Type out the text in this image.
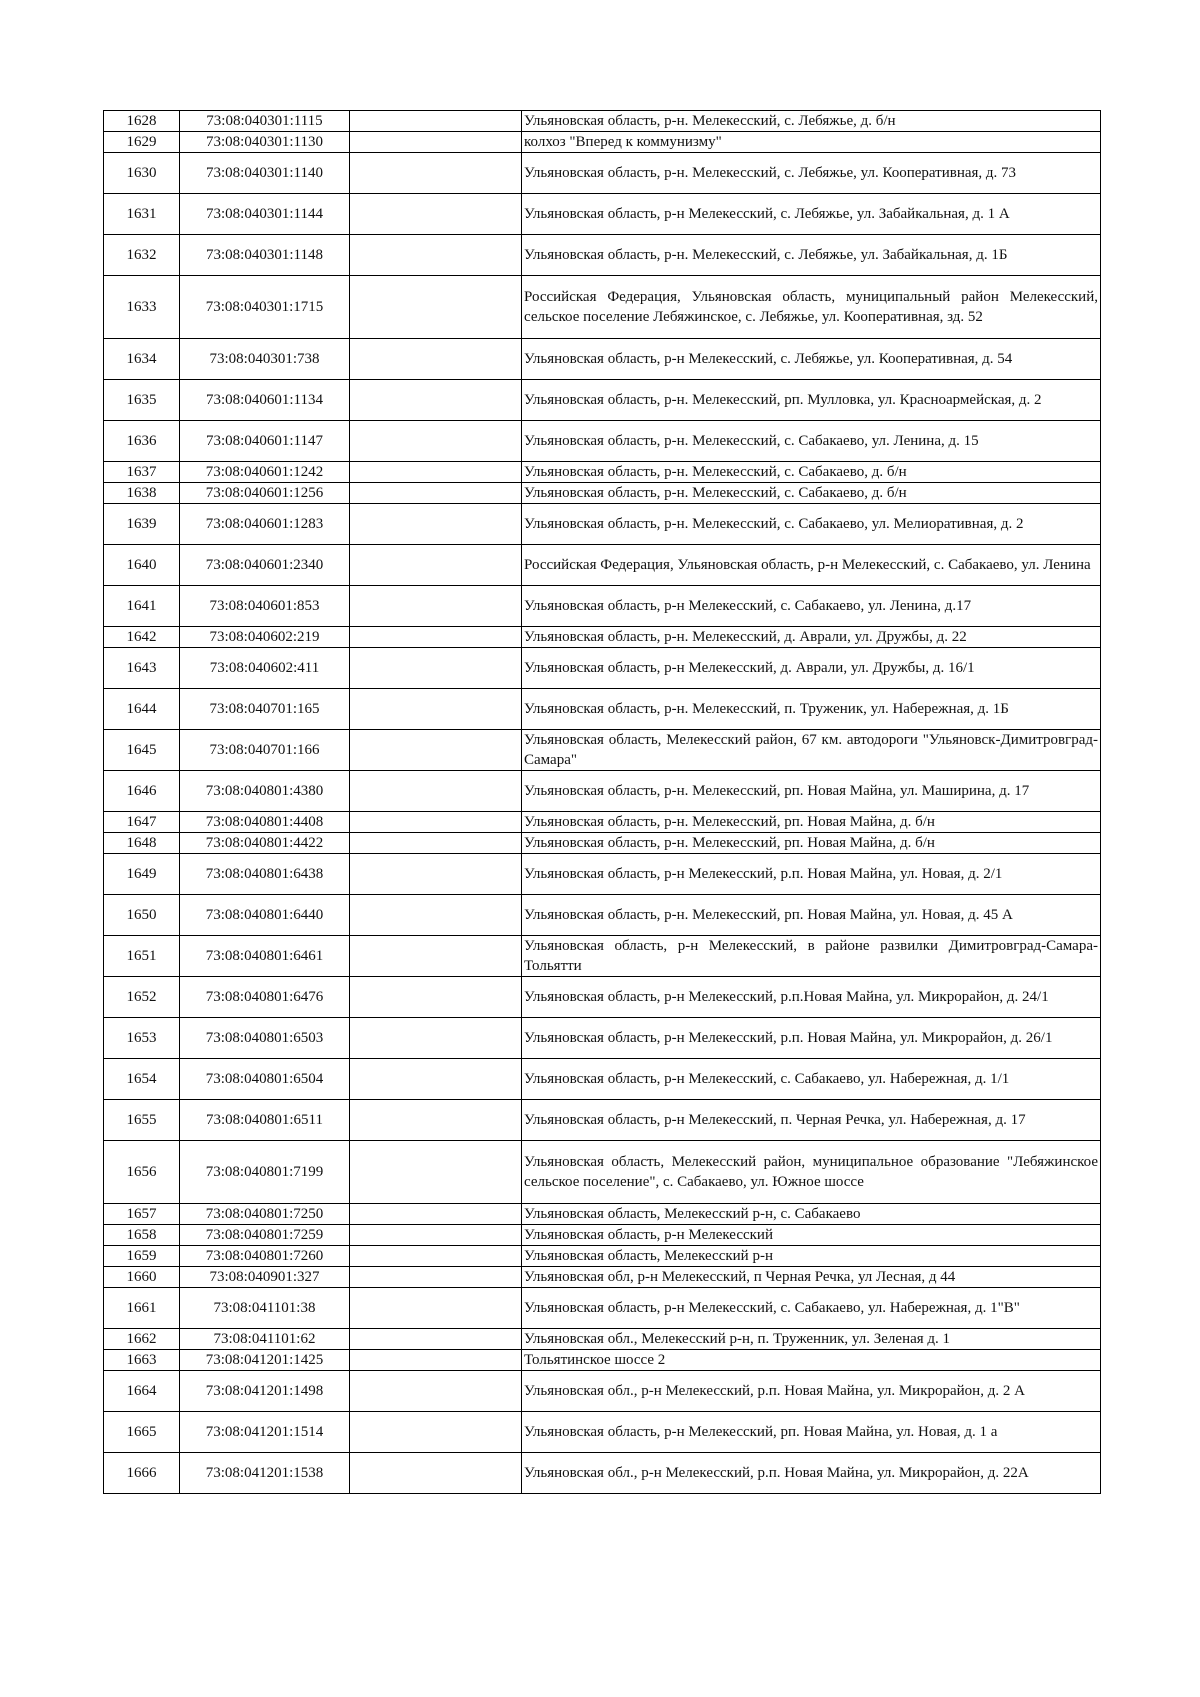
1628	73:08:040301:1115		Ульяновская область, р-н. Мелекесский, с. Лебяжье, д. б/н
1629	73:08:040301:1130		колхоз "Вперед к коммунизму"
1630	73:08:040301:1140		Ульяновская область, р-н. Мелекесский, с. Лебяжье, ул. Кооперативная, д. 73
1631	73:08:040301:1144		Ульяновская область, р-н Мелекесский, с. Лебяжье, ул. Забайкальная, д. 1 А
1632	73:08:040301:1148		Ульяновская область, р-н. Мелекесский, с. Лебяжье, ул. Забайкальная, д. 1Б
1633	73:08:040301:1715		Российская Федерация, Ульяновская область, муниципальный район Мелекесский, сельское поселение Лебяжинское, с. Лебяжье, ул. Кооперативная, зд. 52
1634	73:08:040301:738		Ульяновская область, р-н Мелекесский, с. Лебяжье, ул. Кооперативная, д. 54
1635	73:08:040601:1134		Ульяновская область, р-н. Мелекесский, рп. Мулловка, ул. Красноармейская, д. 2
1636	73:08:040601:1147		Ульяновская область, р-н. Мелекесский, с. Сабакаево, ул. Ленина, д. 15
1637	73:08:040601:1242		Ульяновская область, р-н. Мелекесский, с. Сабакаево, д. б/н
1638	73:08:040601:1256		Ульяновская область, р-н. Мелекесский, с. Сабакаево, д. б/н
1639	73:08:040601:1283		Ульяновская область, р-н. Мелекесский, с. Сабакаево, ул. Мелиоративная, д. 2
1640	73:08:040601:2340		Российская Федерация, Ульяновская область, р-н Мелекесский, с. Сабакаево, ул. Ленина
1641	73:08:040601:853		Ульяновская область, р-н Мелекесский, с. Сабакаево, ул. Ленина, д.17
1642	73:08:040602:219		Ульяновская область, р-н. Мелекесский, д. Аврали, ул. Дружбы, д. 22
1643	73:08:040602:411		Ульяновская область, р-н Мелекесский, д. Аврали, ул. Дружбы, д. 16/1
1644	73:08:040701:165		Ульяновская область, р-н. Мелекесский, п. Труженик, ул. Набережная, д. 1Б
1645	73:08:040701:166		Ульяновская область, Мелекесский район, 67 км. автодороги "Ульяновск-Димитровград-Самара"
1646	73:08:040801:4380		Ульяновская область, р-н. Мелекесский, рп. Новая Майна, ул. Маширина, д. 17
1647	73:08:040801:4408		Ульяновская область, р-н. Мелекесский, рп. Новая Майна, д. б/н
1648	73:08:040801:4422		Ульяновская область, р-н. Мелекесский, рп. Новая Майна, д. б/н
1649	73:08:040801:6438		Ульяновская область, р-н Мелекесский, р.п. Новая Майна, ул. Новая, д. 2/1
1650	73:08:040801:6440		Ульяновская область, р-н. Мелекесский, рп. Новая Майна, ул. Новая, д. 45 А
1651	73:08:040801:6461		Ульяновская область, р-н Мелекесский, в районе развилки Димитровград-Самара-Тольятти
1652	73:08:040801:6476		Ульяновская область, р-н Мелекесский, р.п.Новая Майна, ул. Микрорайон, д. 24/1
1653	73:08:040801:6503		Ульяновская область, р-н Мелекесский, р.п. Новая Майна, ул. Микрорайон, д. 26/1
1654	73:08:040801:6504		Ульяновская область, р-н Мелекесский, с. Сабакаево, ул. Набережная, д. 1/1
1655	73:08:040801:6511		Ульяновская область, р-н Мелекесский, п. Черная Речка, ул. Набережная, д. 17
1656	73:08:040801:7199		Ульяновская область, Мелекесский район, муниципальное образование "Лебяжинское сельское поселение", с. Сабакаево, ул. Южное шоссе
1657	73:08:040801:7250		Ульяновская область, Мелекесский р-н, с. Сабакаево
1658	73:08:040801:7259		Ульяновская область, р-н Мелекесский
1659	73:08:040801:7260		Ульяновская область, Мелекесский р-н
1660	73:08:040901:327		Ульяновская обл, р-н Мелекесский, п Черная Речка, ул Лесная, д 44
1661	73:08:041101:38		Ульяновская область, р-н Мелекесский, с. Сабакаево, ул. Набережная, д. 1"В"
1662	73:08:041101:62		Ульяновская обл., Мелекесский р-н, п. Труженник, ул. Зеленая д. 1
1663	73:08:041201:1425		Тольятинское шоссе 2
1664	73:08:041201:1498		Ульяновская обл., р-н Мелекесский, р.п. Новая Майна, ул. Микрорайон, д. 2 А
1665	73:08:041201:1514		Ульяновская область, р-н Мелекесский, рп. Новая Майна, ул. Новая, д. 1 а
1666	73:08:041201:1538		Ульяновская обл., р-н Мелекесский, р.п. Новая Майна, ул. Микрорайон, д. 22А
